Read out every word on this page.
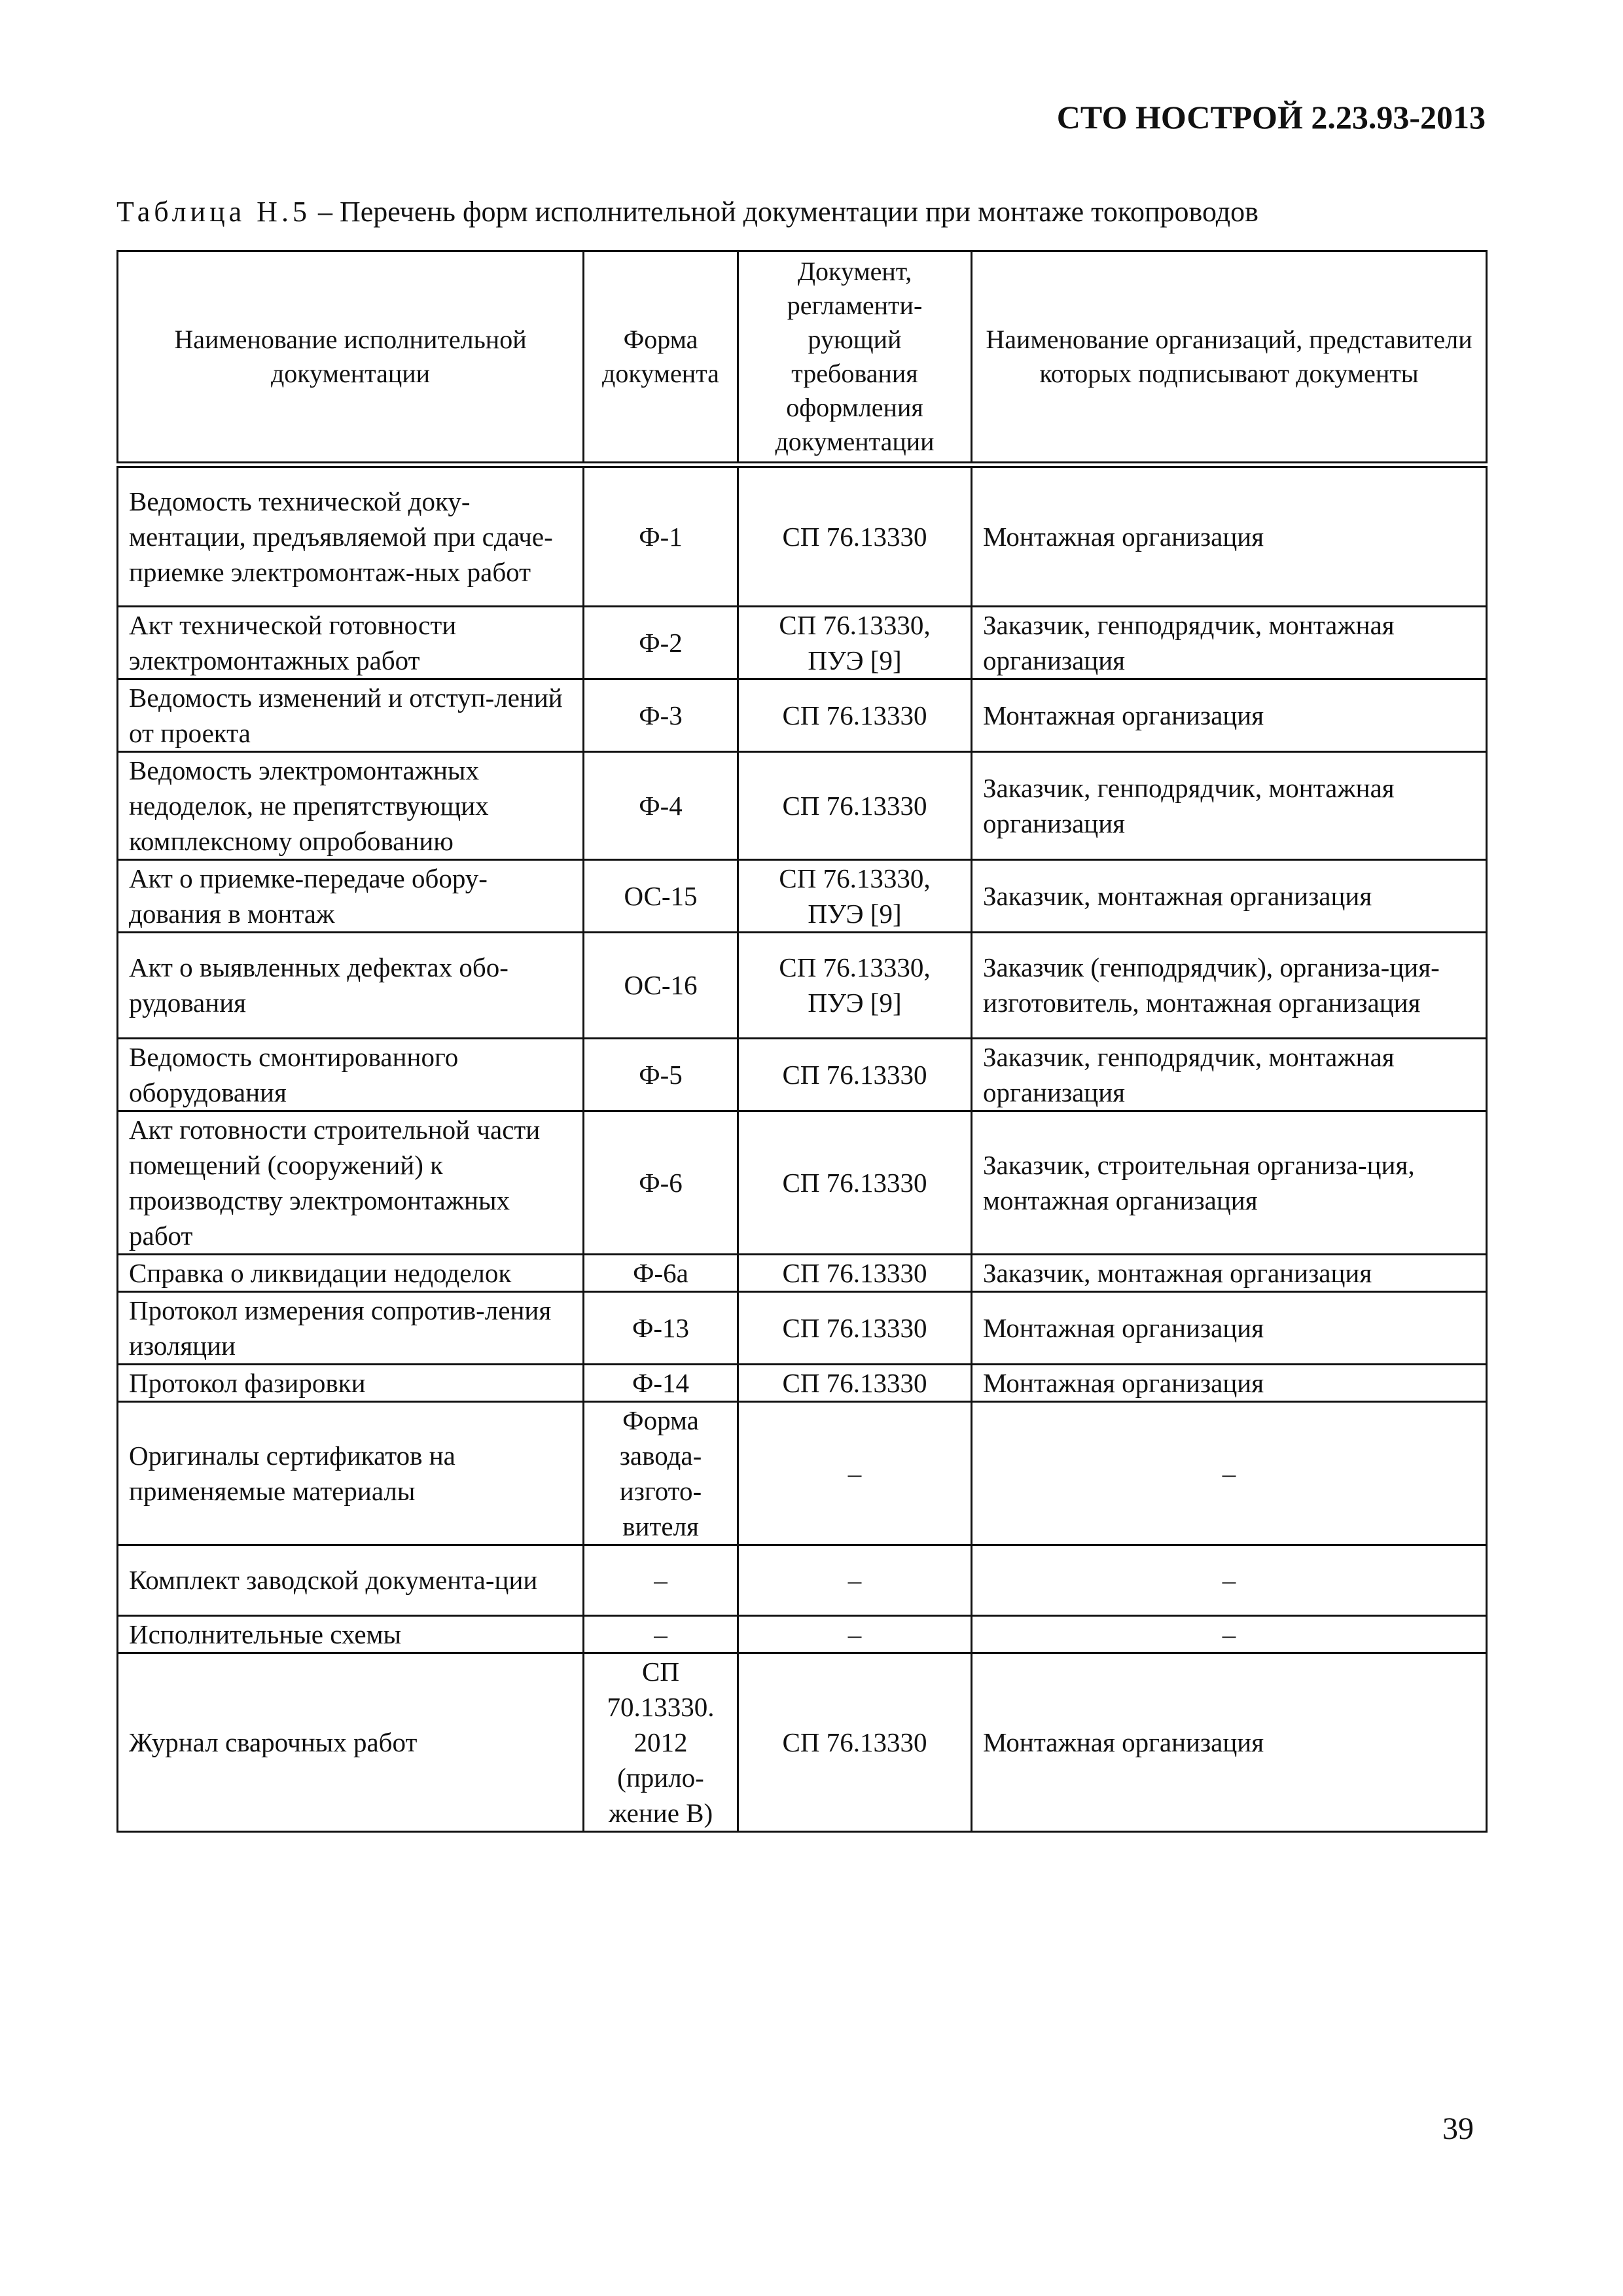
СТО НОСТРОЙ 2.23.93-2013

Таблица Н.5 – Перечень форм исполнительной документации при монтаже токопроводов

Наименование исполнительной документации	Форма документа	Документ, регламенти-рующий требования оформления документации	Наименование организаций, представители которых подписывают документы
Ведомость технической доку-ментации, предъявляемой при сдаче-приемке электромонтаж-ных работ	Ф-1	СП 76.13330	Монтажная организация
Акт технической готовности электромонтажных работ	Ф-2	СП 76.13330, ПУЭ [9]	Заказчик, генподрядчик, монтажная организация
Ведомость изменений и отступ-лений от проекта	Ф-3	СП 76.13330	Монтажная организация
Ведомость электромонтажных недоделок, не препятствующих комплексному опробованию	Ф-4	СП 76.13330	Заказчик, генподрядчик, монтажная организация
Акт о приемке-передаче обору-дования в монтаж	ОС-15	СП 76.13330, ПУЭ [9]	Заказчик, монтажная организация
Акт о выявленных дефектах обо-рудования	ОС-16	СП 76.13330, ПУЭ [9]	Заказчик (генподрядчик), организа-ция-изготовитель, монтажная организация
Ведомость смонтированного оборудования	Ф-5	СП 76.13330	Заказчик, генподрядчик, монтажная организация
Акт готовности строительной части помещений (сооружений) к производству электромонтажных работ	Ф-6	СП 76.13330	Заказчик, строительная организа-ция, монтажная организация
Справка о ликвидации недоделок	Ф-6а	СП 76.13330	Заказчик, монтажная организация
Протокол измерения сопротив-ления изоляции	Ф-13	СП 76.13330	Монтажная организация
Протокол фазировки	Ф-14	СП 76.13330	Монтажная организация
Оригиналы сертификатов на применяемые материалы	Форма завода-изгото-вителя	–	–
Комплект заводской документа-ции	–	–	–
Исполнительные схемы	–	–	–
Журнал сварочных работ	СП 70.13330. 2012 (прило-жение В)	СП 76.13330	Монтажная организация

39
